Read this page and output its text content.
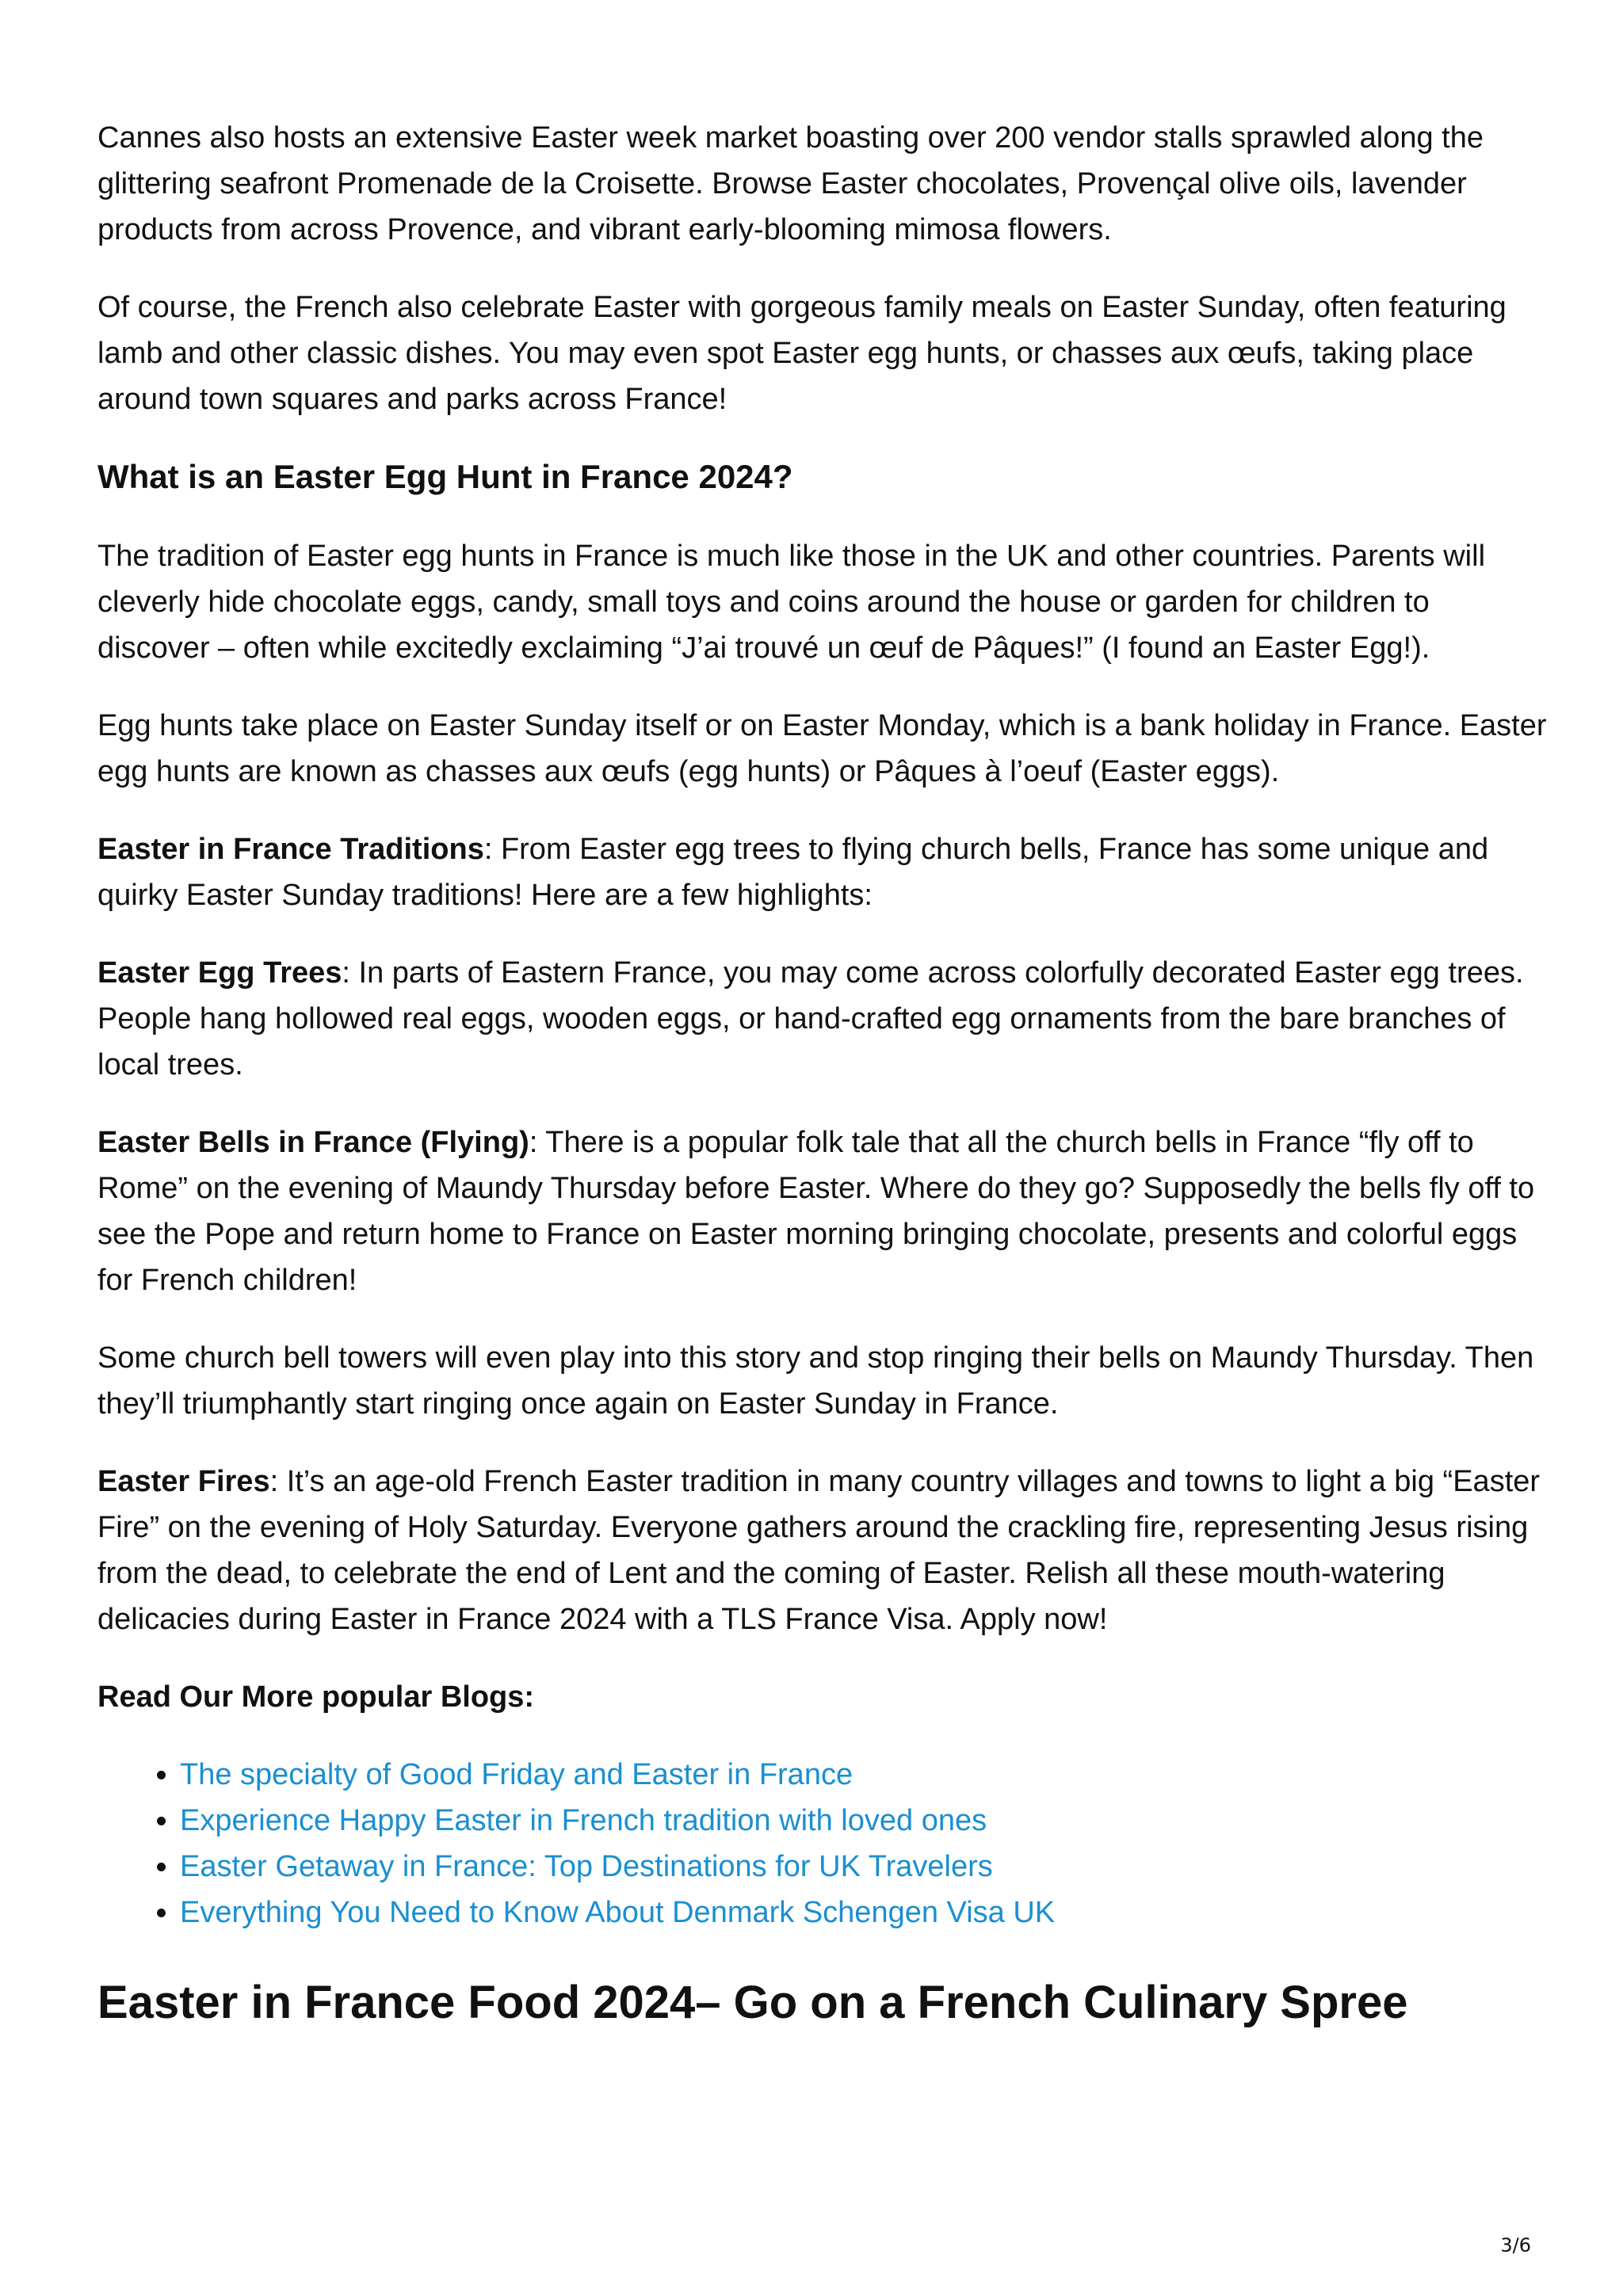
Cannes also hosts an extensive Easter week market boasting over 200 vendor stalls sprawled along the glittering seafront Promenade de la Croisette. Browse Easter chocolates, Provençal olive oils, lavender products from across Provence, and vibrant early-blooming mimosa flowers.

Of course, the French also celebrate Easter with gorgeous family meals on Easter Sunday, often featuring lamb and other classic dishes. You may even spot Easter egg hunts, or chasses aux œufs, taking place around town squares and parks across France!

What is an Easter Egg Hunt in France 2024?

The tradition of Easter egg hunts in France is much like those in the UK and other countries. Parents will cleverly hide chocolate eggs, candy, small toys and coins around the house or garden for children to discover – often while excitedly exclaiming “J’ai trouvé un œuf de Pâques!” (I found an Easter Egg!).

Egg hunts take place on Easter Sunday itself or on Easter Monday, which is a bank holiday in France. Easter egg hunts are known as chasses aux œufs (egg hunts) or Pâques à l’oeuf (Easter eggs).

Easter in France Traditions: From Easter egg trees to flying church bells, France has some unique and quirky Easter Sunday traditions! Here are a few highlights:

Easter Egg Trees: In parts of Eastern France, you may come across colorfully decorated Easter egg trees. People hang hollowed real eggs, wooden eggs, or hand-crafted egg ornaments from the bare branches of local trees.

Easter Bells in France (Flying): There is a popular folk tale that all the church bells in France “fly off to Rome” on the evening of Maundy Thursday before Easter. Where do they go? Supposedly the bells fly off to see the Pope and return home to France on Easter morning bringing chocolate, presents and colorful eggs for French children!

Some church bell towers will even play into this story and stop ringing their bells on Maundy Thursday. Then they’ll triumphantly start ringing once again on Easter Sunday in France.

Easter Fires: It’s an age-old French Easter tradition in many country villages and towns to light a big “Easter Fire” on the evening of Holy Saturday. Everyone gathers around the crackling fire, representing Jesus rising from the dead, to celebrate the end of Lent and the coming of Easter. Relish all these mouth-watering delicacies during Easter in France 2024 with a TLS France Visa. Apply now!

Read Our More popular Blogs:

• The specialty of Good Friday and Easter in France
• Experience Happy Easter in French tradition with loved ones
• Easter Getaway in France: Top Destinations for UK Travelers
• Everything You Need to Know About Denmark Schengen Visa UK
Easter in France Food 2024– Go on a French Culinary Spree
3/6
